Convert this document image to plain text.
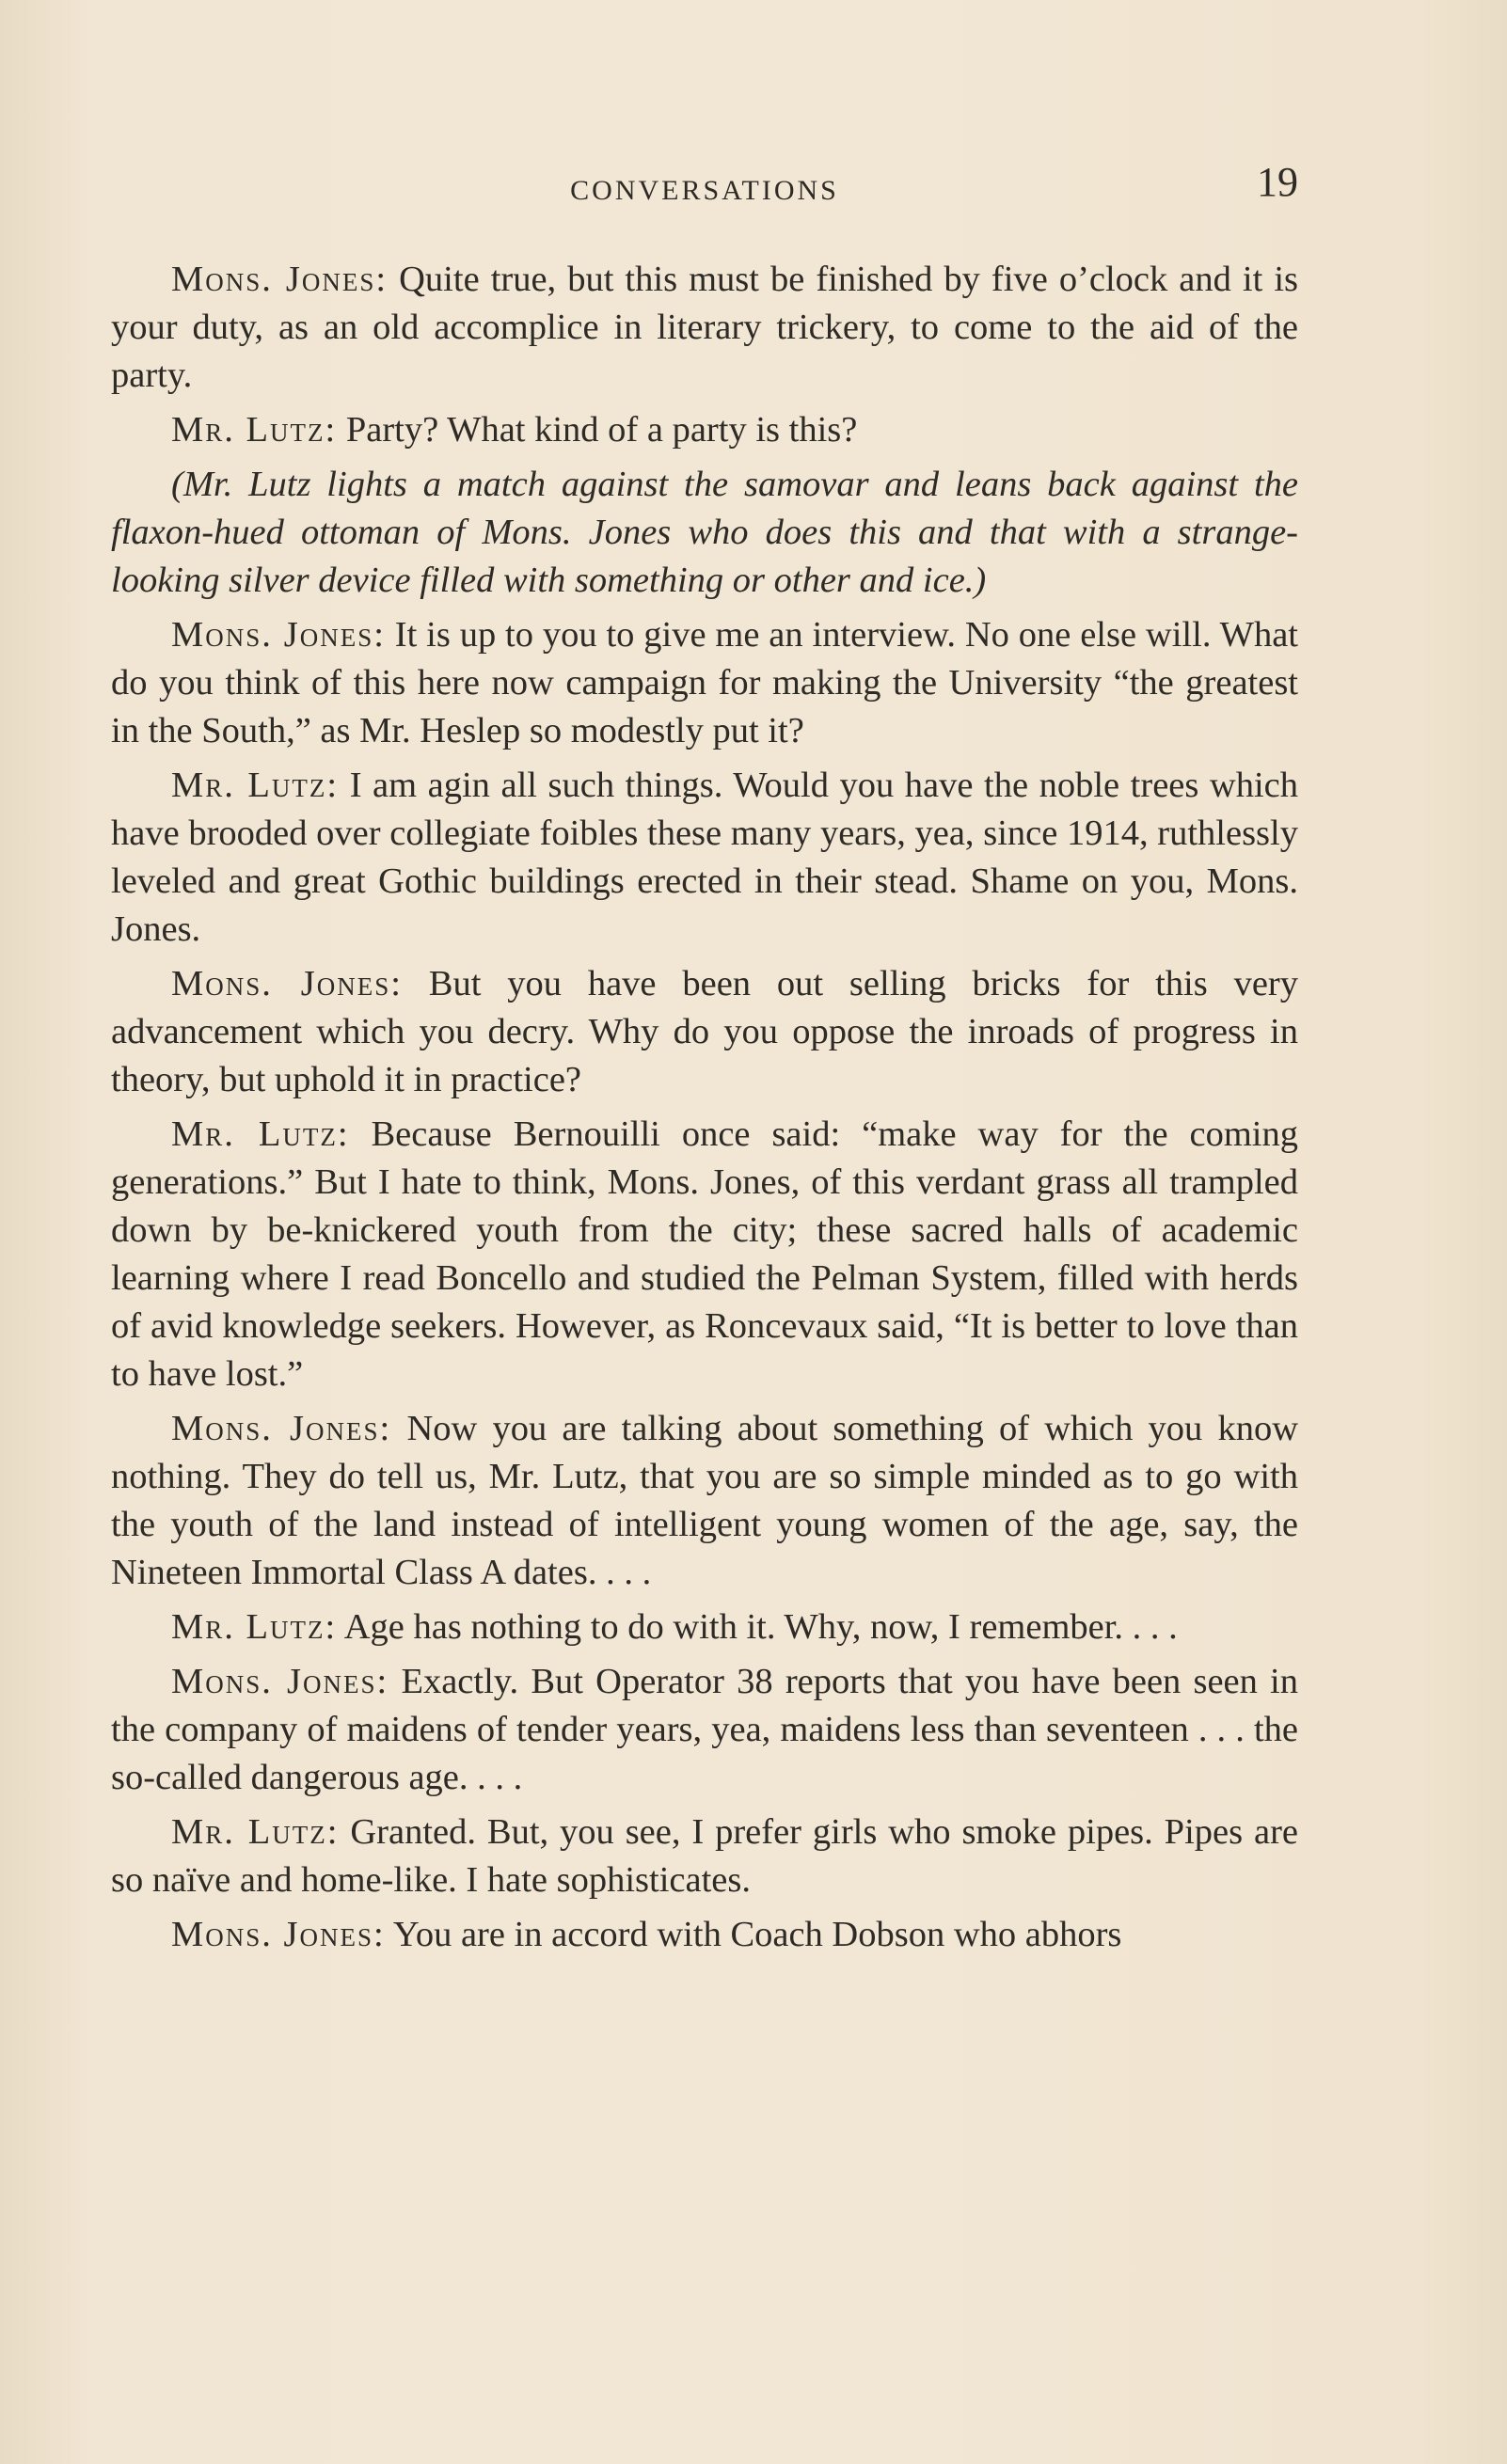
CONVERSATIONS	19

Mons. Jones: Quite true, but this must be finished by five o’clock and it is your duty, as an old accomplice in literary trickery, to come to the aid of the party.

Mr. Lutz: Party? What kind of a party is this?

(Mr. Lutz lights a match against the samovar and leans back against the flaxon-hued ottoman of Mons. Jones who does this and that with a strange-looking silver device filled with something or other and ice.)

Mons. Jones: It is up to you to give me an interview. No one else will. What do you think of this here now campaign for making the University “the greatest in the South,” as Mr. Heslep so modestly put it?

Mr. Lutz: I am agin all such things. Would you have the noble trees which have brooded over collegiate foibles these many years, yea, since 1914, ruthlessly leveled and great Gothic buildings erected in their stead. Shame on you, Mons. Jones.

Mons. Jones: But you have been out selling bricks for this very advancement which you decry. Why do you oppose the inroads of progress in theory, but uphold it in practice?

Mr. Lutz: Because Bernouilli once said: “make way for the coming generations.” But I hate to think, Mons. Jones, of this verdant grass all trampled down by be-knickered youth from the city; these sacred halls of academic learning where I read Boncello and studied the Pelman System, filled with herds of avid knowledge seekers. However, as Roncevaux said, “It is better to love than to have lost.”

Mons. Jones: Now you are talking about something of which you know nothing. They do tell us, Mr. Lutz, that you are so simple minded as to go with the youth of the land instead of intelligent young women of the age, say, the Nineteen Immortal Class A dates. . . .

Mr. Lutz: Age has nothing to do with it. Why, now, I remember. . . .

Mons. Jones: Exactly. But Operator 38 reports that you have been seen in the company of maidens of tender years, yea, maidens less than seventeen . . . the so-called dangerous age. . . .

Mr. Lutz: Granted. But, you see, I prefer girls who smoke pipes. Pipes are so naïve and home-like. I hate sophisticates.

Mons. Jones: You are in accord with Coach Dobson who abhors
